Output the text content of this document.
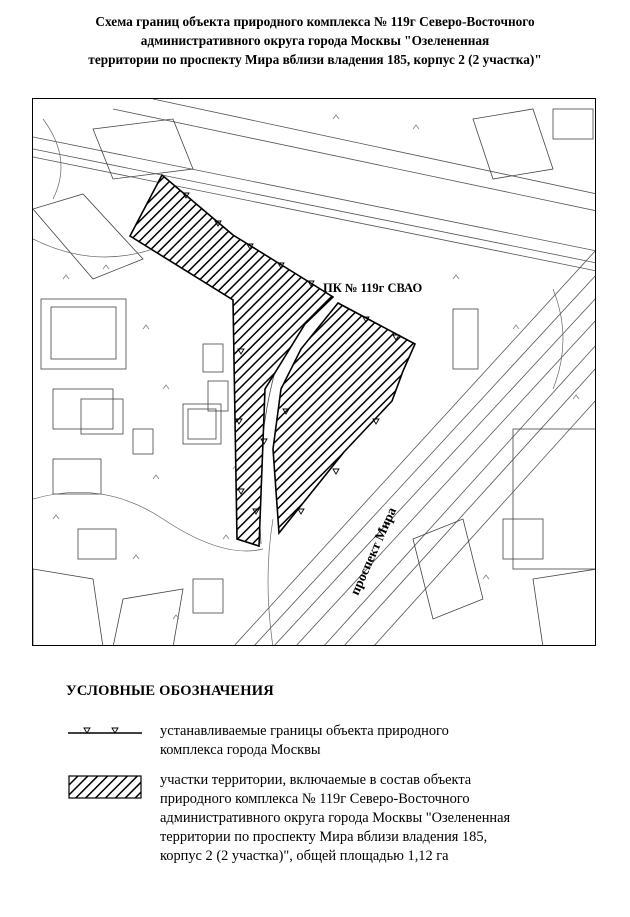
Схема границ объекта природного комплекса № 119г Северо-Восточного
административного округа города Москвы "Озелененная
территории по проспекту Мира вблизи владения 185, корпус 2 (2 участка)"
ПК № 119г СВАО
проспект Мира
УСЛОВНЫЕ ОБОЗНАЧЕНИЯ
устанавливаемые границы объекта природного
комплекса города Москвы
участки территории, включаемые в состав объекта
природного комплекса № 119г Северо-Восточного
административного округа города Москвы "Озелененная
территории по проспекту Мира вблизи владения 185,
корпус 2 (2 участка)", общей площадью 1,12 га
